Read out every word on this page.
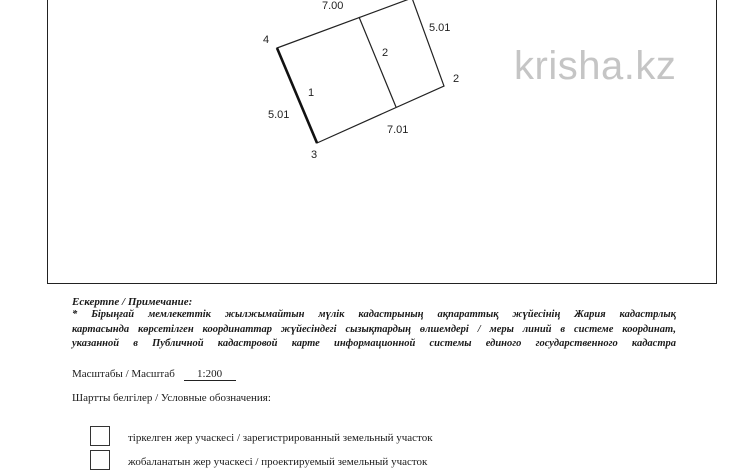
7.00
5.01
5.01
7.01
4
2
3
1
2	krisha.kz
Ескертпе / Примечание:
* Бірыңғай мемлекеттік жылжымайтын мүлік кадастрының ақпараттық жүйесінің Жария кадастрлық
картасында көрсетілген координаттар жүйесіндегі сызықтардың өлшемдері / меры линий в системе координат,
указанной в Публичной кадастровой карте информационной системы единого государственного кадастра
Масштабы / Масштаб 1:200
Шартты белгілер / Условные обозначения:
тіркелген жер учаскесі / зарегистрированный земельный участок
жобаланатын жер учаскесі / проектируемый земельный участок
